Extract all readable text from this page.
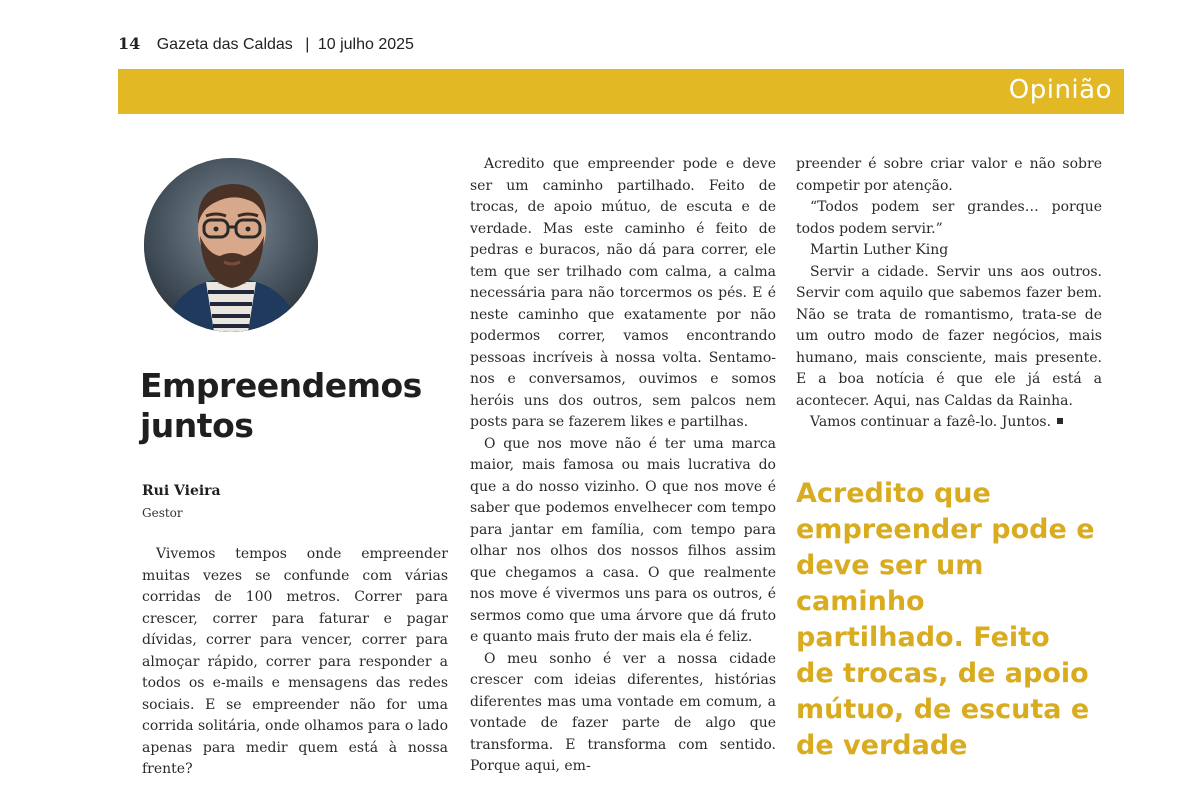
14 Gazeta das Caldas | 10 julho 2025
Opinião
Empreendemos juntos
Rui Vieira
Gestor

Vivemos tempos onde empreender muitas vezes se confunde com várias corridas de 100 metros. Correr para crescer, correr para faturar e pagar dívidas, correr para vencer, correr para almoçar rápido, correr para responder a todos os e-mails e mensagens das redes sociais. E se empreender não for uma corrida solitária, onde olhamos para o lado apenas para medir quem está à nossa frente?

Acredito que empreender pode e deve ser um caminho partilhado. Feito de trocas, de apoio mútuo, de escuta e de verdade. Mas este caminho é feito de pedras e buracos, não dá para correr, ele tem que ser trilhado com calma, a calma necessária para não torcermos os pés. E é neste caminho que exatamente por não podermos correr, vamos encontrando pessoas incríveis à nossa volta. Sentamo-nos e conversamos, ouvimos e somos heróis uns dos outros, sem palcos nem posts para se fazerem likes e partilhas.

O que nos move não é ter uma marca maior, mais famosa ou mais lucrativa do que a do nosso vizinho. O que nos move é saber que podemos envelhecer com tempo para jantar em família, com tempo para olhar nos olhos dos nossos filhos assim que chegamos a casa. O que realmente nos move é vivermos uns para os outros, é sermos como que uma árvore que dá fruto e quanto mais fruto der mais ela é feliz.

O meu sonho é ver a nossa cidade crescer com ideias diferentes, histórias diferentes mas uma vontade em comum, a vontade de fazer parte de algo que transforma. E transforma com sentido. Porque aqui, em-

preender é sobre criar valor e não sobre competir por atenção.

“Todos podem ser grandes… porque todos podem servir.”

Martin Luther King

Servir a cidade. Servir uns aos outros. Servir com aquilo que sabemos fazer bem. Não se trata de romantismo, trata-se de um outro modo de fazer negócios, mais humano, mais consciente, mais presente. E a boa notícia é que ele já está a acontecer. Aqui, nas Caldas da Rainha.

Vamos continuar a fazê-lo. Juntos.

Acredito que empreender pode e deve ser um caminho partilhado. Feito de trocas, de apoio mútuo, de escuta e de verdade
